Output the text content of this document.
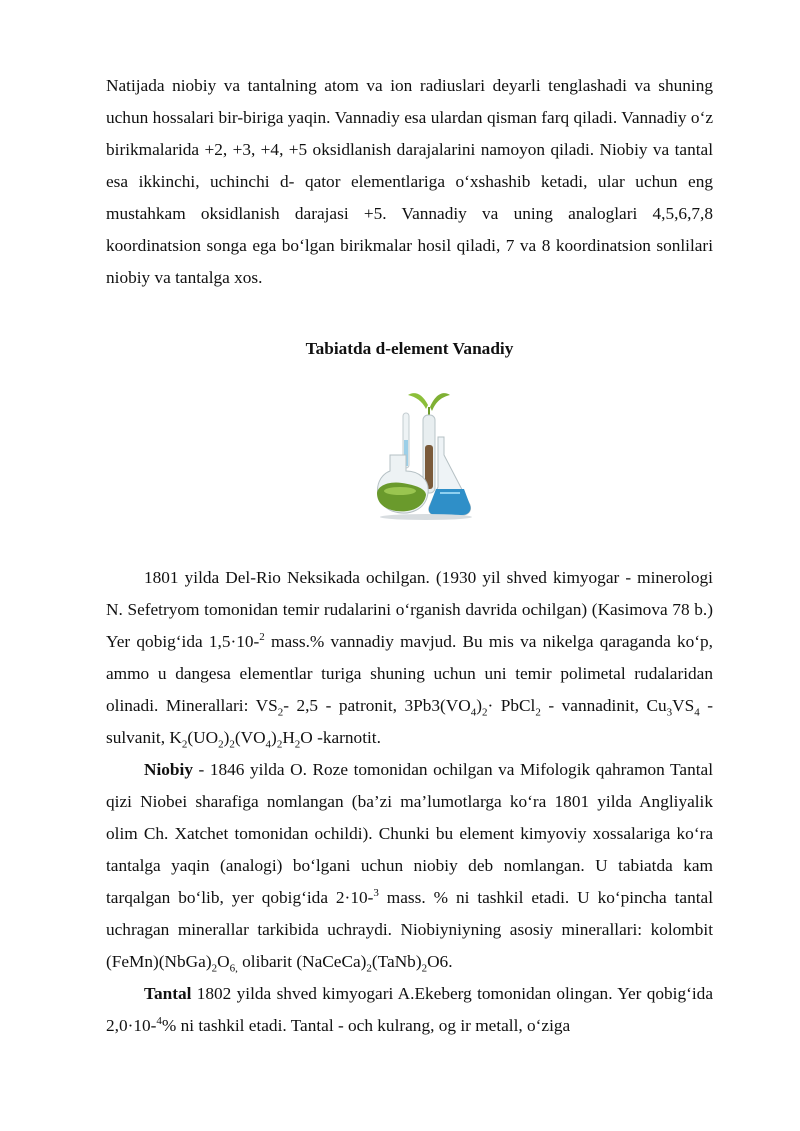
Natijada niobiy va tantalning atom va ion radiuslari deyarli tenglashadi va shuning uchun hossalari bir-biriga yaqin. Vannadiy esa ulardan qisman farq qiladi. Vannadiy o‘z birikmalarida +2, +3, +4, +5 oksidlanish darajalarini namoyon qiladi. Niobiy va tantal esa ikkinchi, uchinchi d- qator elementlariga o‘xshashib ketadi, ular uchun eng mustahkam oksidlanish darajasi +5. Vannadiy va uning analoglari 4,5,6,7,8 koordinatsion songa ega bo‘lgan birikmalar hosil qiladi, 7 va 8 koordinatsion sonlilari niobiy va tantalga xos.

Tabiatda d-element Vanadiy

1801 yilda Del-Rio Neksikada ochilgan. (1930 yil shved kimyogar - minerologi N. Sefetryom tomonidan temir rudalarini o‘rganish davrida ochilgan) (Kasimova 78 b.) Yer qobig‘ida 1,5·10-$^2$ mass.% vannadiy mavjud. Bu mis va nikelga qaraganda ko‘p, ammo u dangesa elementlar turiga shuning uchun uni temir polimetal rudalaridan olinadi. Minerallari: $VS_2-$ 2,5 - patronit, $3Pb3(VO_4)_2\cdot$ PbCl$_2$ - vannadinit, $Cu_3VS_4$ - sulvanit, $K_2(UO_2)_2(VO_4)_2H_2O$ -karnotit.

Niobiy - 1846 yilda O. Roze tomonidan ochilgan va Mifologik qahramon Tantal qizi Niobei sharafiga nomlangan (ba’zi ma’lumotlarga ko‘ra 1801 yilda Angliyalik olim Ch. Xatchet tomonidan ochildi). Chunki bu element kimyoviy xossalariga ko‘ra tantalga yaqin (analogi) bo‘lgani uchun niobiy deb nomlangan. U tabiatda kam tarqalgan bo‘lib, yer qobig‘ida 2·10-$^3$ mass. % ni tashkil etadi. U ko‘pincha tantal uchragan minerallar tarkibida uchraydi. Niobiyniyning asosiy minerallari: kolombit $(FeMn)(NbGa)_2O_{6,}$ olibarit $(NaCeCa)_2(TaNb)_2O6$.

Tantal 1802 yilda shved kimyogari A.Ekeberg tomonidan olingan. Yer qobig‘ida 2,0·10-$^4$% ni tashkil etadi. Tantal - och kulrang, og ir metall, o‘ziga
